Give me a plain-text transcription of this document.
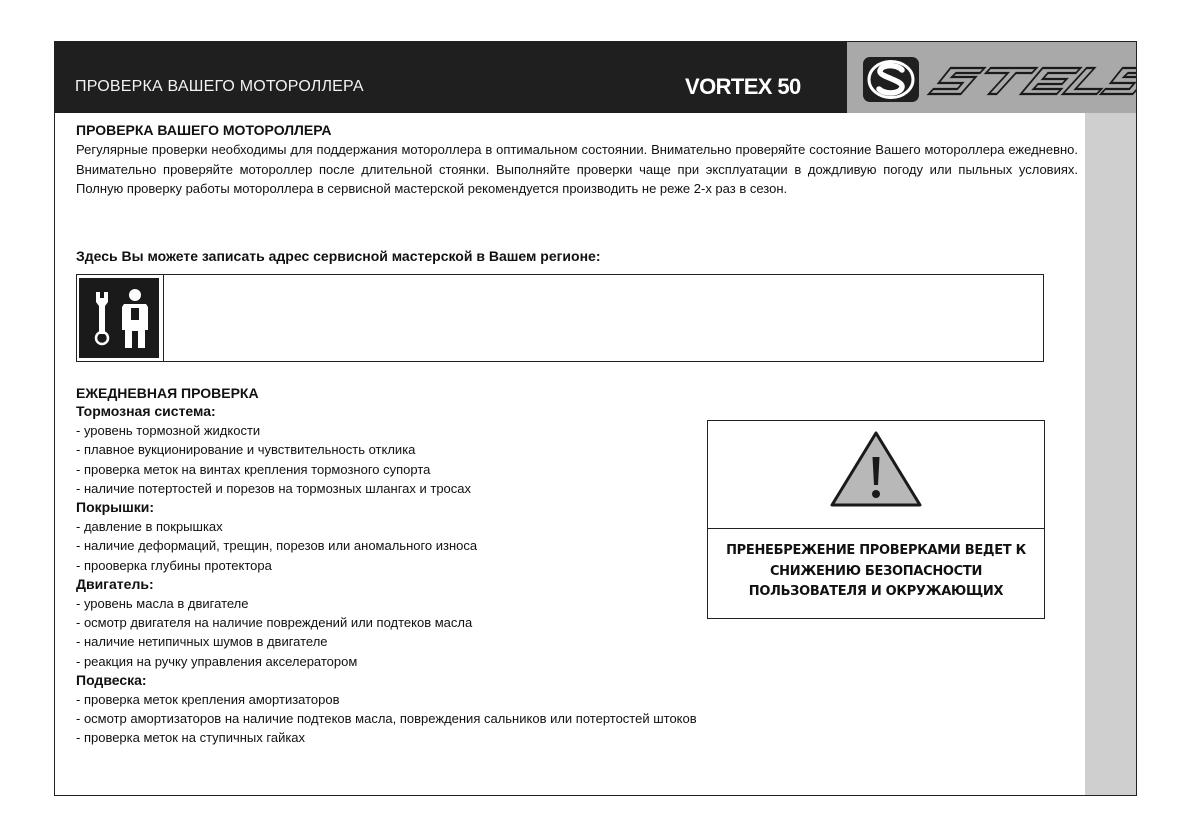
ПРОВЕРКА ВАШЕГО МОТОРОЛЛЕРА	VORTEX 50
ПРОВЕРКА ВАШЕГО МОТОРОЛЛЕРА
Регулярные проверки необходимы для поддержания мотороллера в оптимальном состоянии. Внимательно проверяйте состояние Вашего мотороллера ежедневно. Внимательно проверяйте мотороллер после длительной стоянки. Выполняйте проверки чаще при эксплуатации в дождливую погоду или пыльных условиях. Полную проверку работы мотороллера в сервисной мастерской рекомендуется производить не реже 2-х раз в сезон.
Здесь Вы можете записать адрес сервисной мастерской в Вашем регионе:
ЕЖЕДНЕВНАЯ ПРОВЕРКА
Тормозная система:
- уровень тормозной жидкости
- плавное вукционирование и чувствительность отклика
- проверка меток на винтах крепления тормозного супорта
- наличие потертостей и порезов на тормозных шлангах и тросах
Покрышки:
- давление в покрышках
- наличие деформаций, трещин, порезов или аномального износа
- прооверка глубины протектора
Двигатель:
- уровень масла в двигателе
- осмотр двигателя на наличие повреждений или подтеков масла
- наличие нетипичных шумов в двигателе
- реакция на ручку управления акселератором
Подвеска:
- проверка меток крепления амортизаторов
- осмотр амортизаторов на наличие подтеков масла, повреждения сальников или потертостей штоков
- проверка меток на ступичных гайках
ПРЕНЕБРЕЖЕНИЕ ПРОВЕРКАМИ ВЕДЕТ К
СНИЖЕНИЮ БЕЗОПАСНОСТИ
ПОЛЬЗОВАТЕЛЯ И ОКРУЖАЮЩИХ
